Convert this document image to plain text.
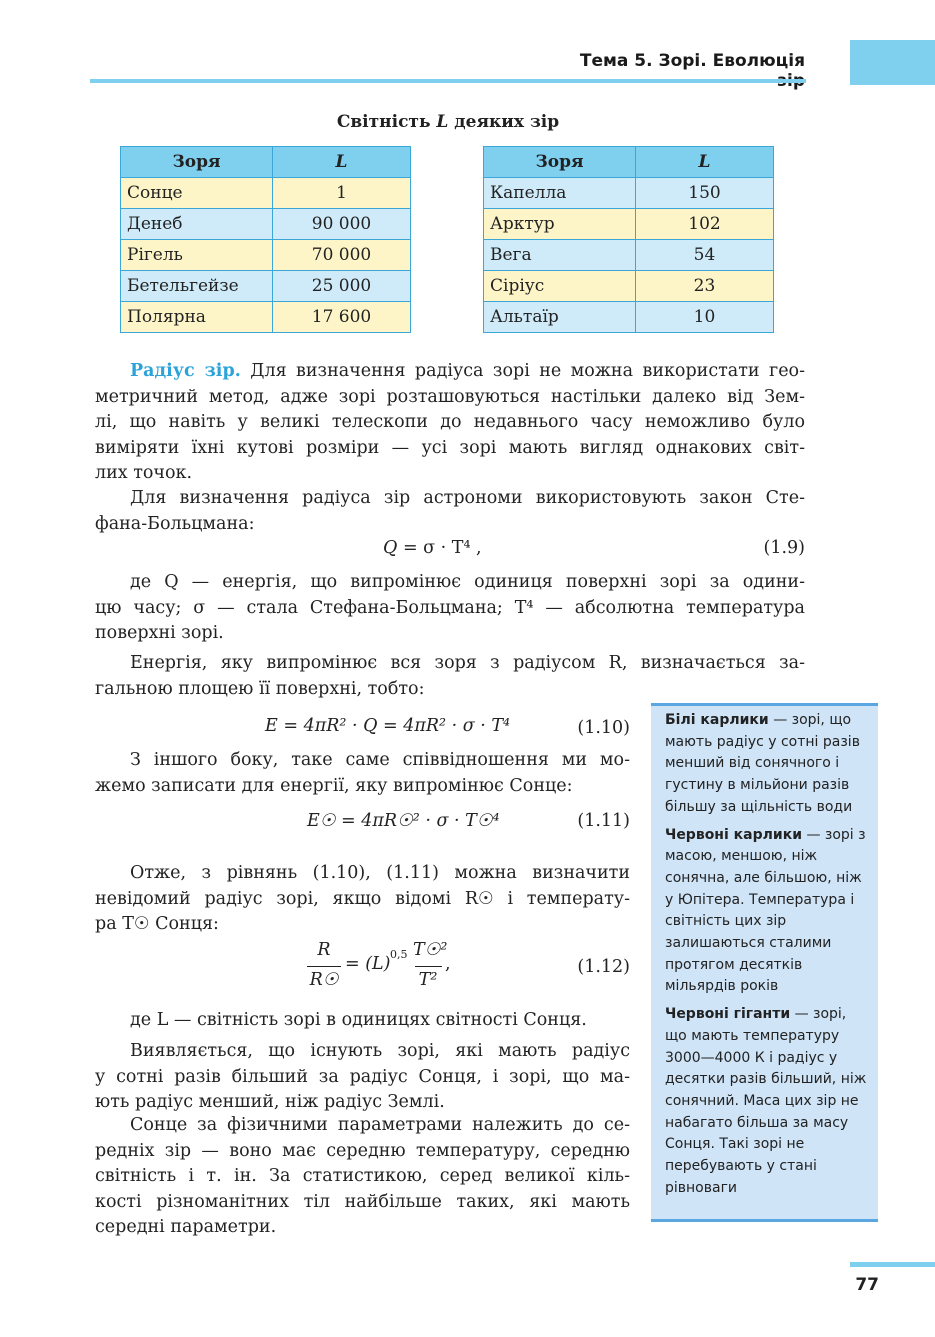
Тема 5. Зорі. Еволюція
Світність L деяких зір
Зоря	L
Сонце	1
Денеб	90 000
Рігель	70 000
Бетельгейзе	25 000
Полярна	17 600
Зоря	L
Капелла	150
Арктур	102
Вега	54
Сіріус	23
Альтаїр	10
Радіус зір. Для визначення радіуса зорі не можна використати гео-
метричний метод, адже зорі розташовуються настільки далеко від Зем-
лі, що навіть у великі телескопи до недавнього часу неможливо було
виміряти їхні кутові розміри — усі зорі мають вигляд однакових світ-
лих точок.
Для визначення радіуса зір астрономи використовують закон Сте-
фана-Больцмана:
Q = σ · T⁴ ,	(1.9)
де Q — енергія, що випромінює одиниця поверхні зорі за одини-
цю часу; σ — стала Стефана-Больцмана; T⁴ — абсолютна температура
поверхні зорі.
Енергія, яку випромінює вся зоря з радіусом R, визначається за-
гальною площею її поверхні, тобто:
E = 4πR² · Q = 4πR² · σ · T⁴	(1.10)
З іншого боку, таке саме співвідношення ми мо-
жемо записати для енергії, яку випромінює Сонце:
E☉ = 4πR☉² · σ · T☉⁴	(1.11)
Отже, з рівнянь (1.10), (1.11) можна визначити
невідомий радіус зорі, якщо відомі R☉ і температу-
ра T☉ Сонця:
R
R☉
= (L) 0,5 T☉²
T²
,	(1.12)
де L — світність зорі в одиницях світності Сонця.
Виявляється, що існують зорі, які мають радіус
у сотні разів більший за радіус Сонця, і зорі, що ма-
ють радіус менший, ніж радіус Землі.
Сонце за фізичними параметрами належить до се-
редніх зір — воно має середню температуру, середню
світність і т. ін. За статистикою, серед великої кіль-
кості різноманітних тіл найбільше таких, які мають
середні параметри.

Білі карлики — зорі, що мають радіус у сотні разів менший від сонячного і густину в мільйони разів більшу за щільність води

Червоні карлики — зорі з масою, меншою, ніж сонячна, але більшою, ніж у Юпітера. Температура і світність цих зір залишаються сталими протягом десятків мільярдів років

Червоні гіганти — зорі, що мають температуру 3000—4000 К і радіус у десятки разів більший, ніж сонячний. Маса цих зір не набагато більша за масу Сонця. Такі зорі не перебувають у стані рівноваги

77
